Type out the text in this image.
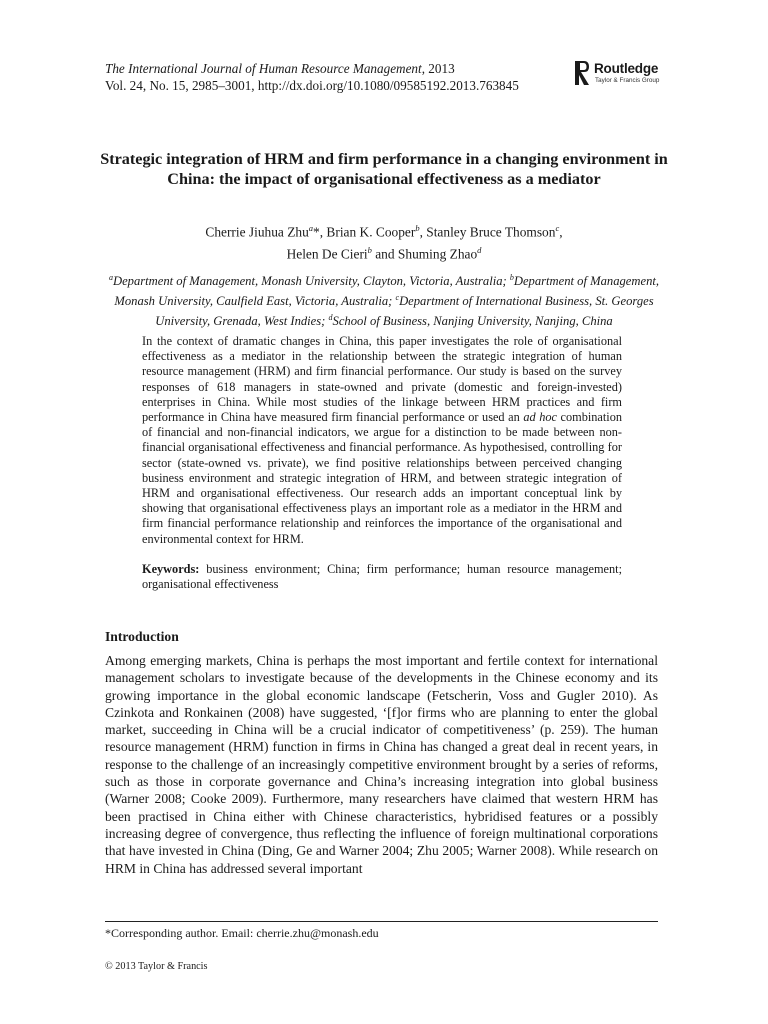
The International Journal of Human Resource Management, 2013
Vol. 24, No. 15, 2985–3001, http://dx.doi.org/10.1080/09585192.2013.763845
Routledge
Taylor & Francis Group
Strategic integration of HRM and firm performance in a changing environment in China: the impact of organisational effectiveness as a mediator
Cherrie Jiuhua Zhu$^a$*, Brian K. Cooper$^b$, Stanley Bruce Thomson$^c$,
Helen De Cieri$^b$ and Shuming Zhao$^d$
$^a$Department of Management, Monash University, Clayton, Victoria, Australia; $^b$Department of Management, Monash University, Caulfield East, Victoria, Australia; $^c$Department of International Business, St. Georges University, Grenada, West Indies; $^d$School of Business, Nanjing University, Nanjing, China

In the context of dramatic changes in China, this paper investigates the role of organisational effectiveness as a mediator in the relationship between the strategic integration of human resource management (HRM) and firm financial performance. Our study is based on the survey responses of 618 managers in state-owned and private (domestic and foreign-invested) enterprises in China. While most studies of the linkage between HRM practices and firm performance in China have measured firm financial performance or used an ad hoc combination of financial and non-financial indicators, we argue for a distinction to be made between non-financial organisational effectiveness and financial performance. As hypothesised, controlling for sector (state-owned vs. private), we find positive relationships between perceived changing business environment and strategic integration of HRM, and between strategic integration of HRM and organisational effectiveness. Our research adds an important conceptual link by showing that organisational effectiveness plays an important role as a mediator in the HRM and firm financial performance relationship and reinforces the importance of the organisational and environmental context for HRM.

Keywords: business environment; China; firm performance; human resource management; organisational effectiveness
Introduction

Among emerging markets, China is perhaps the most important and fertile context for international management scholars to investigate because of the developments in the Chinese economy and its growing importance in the global economic landscape (Fetscherin, Voss and Gugler 2010). As Czinkota and Ronkainen (2008) have suggested, ‘[f]or firms who are planning to enter the global market, succeeding in China will be a crucial indicator of competitiveness’ (p. 259). The human resource management (HRM) function in firms in China has changed a great deal in recent years, in response to the challenge of an increasingly competitive environment brought by a series of reforms, such as those in corporate governance and China’s increasing integration into global business (Warner 2008; Cooke 2009). Furthermore, many researchers have claimed that western HRM has been practised in China either with Chinese characteristics, hybridised features or a possibly increasing degree of convergence, thus reflecting the influence of foreign multinational corporations that have invested in China (Ding, Ge and Warner 2004; Zhu 2005; Warner 2008). While research on HRM in China has addressed several important

*Corresponding author. Email: cherrie.zhu@monash.edu
© 2013 Taylor & Francis
